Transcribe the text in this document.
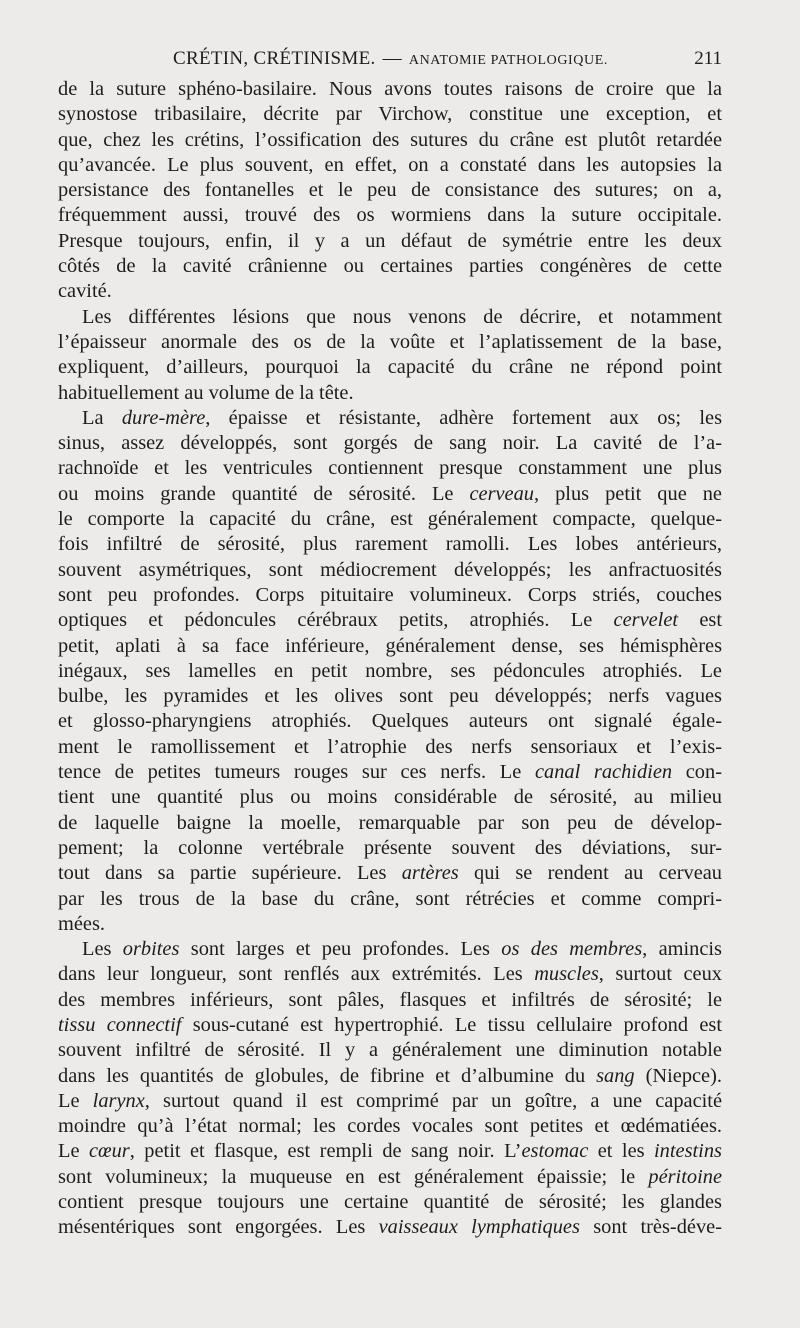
CRÉTIN, CRÉTINISME. — ANATOMIE PATHOLOGIQUE.	211
de la suture sphéno-basilaire. Nous avons toutes raisons de croire que la
synostose tribasilaire, décrite par Virchow, constitue une exception, et
que, chez les crétins, l’ossification des sutures du crâne est plutôt retardée
qu’avancée. Le plus souvent, en effet, on a constaté dans les autopsies la
persistance des fontanelles et le peu de consistance des sutures; on a,
fréquemment aussi, trouvé des os wormiens dans la suture occipitale.
Presque toujours, enfin, il y a un défaut de symétrie entre les deux
côtés de la cavité crânienne ou certaines parties congénères de cette
cavité.
Les différentes lésions que nous venons de décrire, et notamment
l’épaisseur anormale des os de la voûte et l’aplatissement de la base,
expliquent, d’ailleurs, pourquoi la capacité du crâne ne répond point
habituellement au volume de la tête.
La dure-mère, épaisse et résistante, adhère fortement aux os; les
sinus, assez développés, sont gorgés de sang noir. La cavité de l’a-
rachnoïde et les ventricules contiennent presque constamment une plus
ou moins grande quantité de sérosité. Le cerveau, plus petit que ne
le comporte la capacité du crâne, est généralement compacte, quelque-
fois infiltré de sérosité, plus rarement ramolli. Les lobes antérieurs,
souvent asymétriques, sont médiocrement développés; les anfractuosités
sont peu profondes. Corps pituitaire volumineux. Corps striés, couches
optiques et pédoncules cérébraux petits, atrophiés. Le cervelet est
petit, aplati à sa face inférieure, généralement dense, ses hémisphères
inégaux, ses lamelles en petit nombre, ses pédoncules atrophiés. Le
bulbe, les pyramides et les olives sont peu développés; nerfs vagues
et glosso-pharyngiens atrophiés. Quelques auteurs ont signalé égale-
ment le ramollissement et l’atrophie des nerfs sensoriaux et l’exis-
tence de petites tumeurs rouges sur ces nerfs. Le canal rachidien con-
tient une quantité plus ou moins considérable de sérosité, au milieu
de laquelle baigne la moelle, remarquable par son peu de dévelop-
pement; la colonne vertébrale présente souvent des déviations, sur-
tout dans sa partie supérieure. Les artères qui se rendent au cerveau
par les trous de la base du crâne, sont rétrécies et comme compri-
mées.
Les orbites sont larges et peu profondes. Les os des membres, amincis
dans leur longueur, sont renflés aux extrémités. Les muscles, surtout ceux
des membres inférieurs, sont pâles, flasques et infiltrés de sérosité; le
tissu connectif sous-cutané est hypertrophié. Le tissu cellulaire profond est
souvent infiltré de sérosité. Il y a généralement une diminution notable
dans les quantités de globules, de fibrine et d’albumine du sang (Niepce).
Le larynx, surtout quand il est comprimé par un goître, a une capacité
moindre qu’à l’état normal; les cordes vocales sont petites et œdématiées.
Le cœur, petit et flasque, est rempli de sang noir. L’estomac et les intestins
sont volumineux; la muqueuse en est généralement épaissie; le péritoine
contient presque toujours une certaine quantité de sérosité; les glandes
mésentériques sont engorgées. Les vaisseaux lymphatiques sont très-déve-
